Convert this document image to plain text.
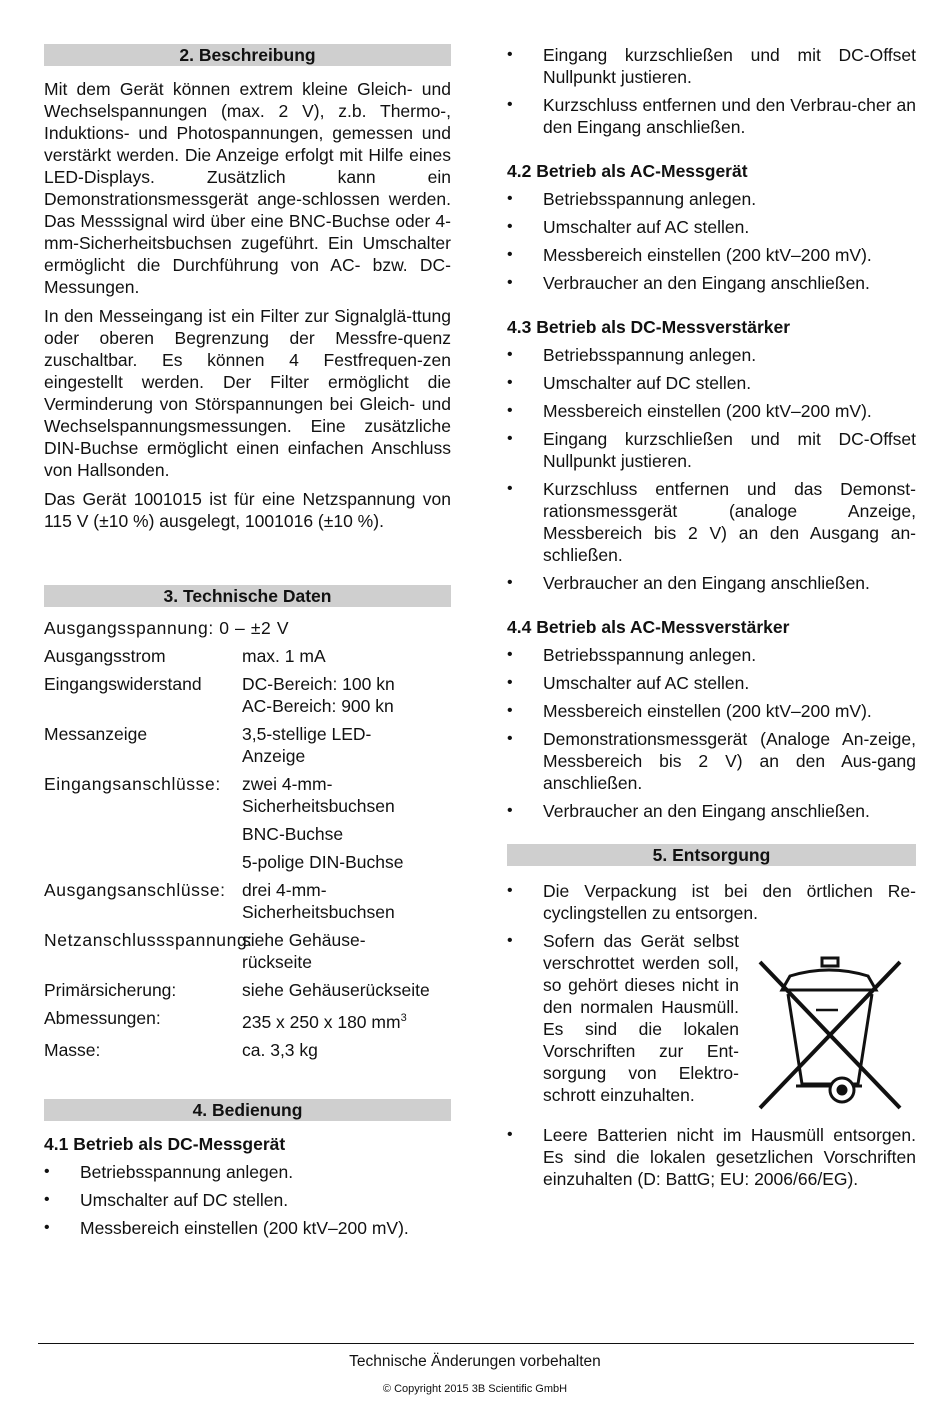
2. Beschreibung

Mit dem Gerät können extrem kleine Gleich- und Wechselspannungen (max. 2 V), z.b. Thermo-, Induktions- und Photospannungen, gemessen und verstärkt werden. Die Anzeige erfolgt mit Hilfe eines LED-Displays. Zusätzlich kann ein Demonstrationsmessgerät ange-schlossen werden. Das Messsignal wird über eine BNC-Buchse oder 4-mm-Sicherheitsbuchsen zugeführt. Ein Umschalter ermöglicht die Durchführung von AC- bzw. DC-Messungen.

In den Messeingang ist ein Filter zur Signalglä-ttung oder oberen Begrenzung der Messfre-quenz zuschaltbar. Es können 4 Festfrequen-zen eingestellt werden. Der Filter ermöglicht die Verminderung von Störspannungen bei Gleich- und Wechselspannungsmessungen. Eine zusätzliche DIN-Buchse ermöglicht einen einfachen Anschluss von Hallsonden.

Das Gerät 1001015 ist für eine Netzspannung von 115 V (±10 %) ausgelegt, 1001016 (±10 %).

3. Technische Daten
Ausgangsspannung: 0 – ±2 V
Ausgangsstrom	max. 1 mA
Eingangswiderstand	DC-Bereich: 100 kn
AC-Bereich: 900 kn
Messanzeige	3,5-stellige LED-Anzeige
Eingangsanschlüsse:	zwei 4-mm-Sicherheitsbuchsen
BNC-Buchse
5-polige DIN-Buchse
Ausgangsanschlüsse: drei 4-mm-Sicherheitsbuchsen
Netzanschlussspannung:
siehe Gehäuse-rückseite
Primärsicherung:	siehe Gehäuserückseite
Abmessungen:	235 x 250 x 180 $mm^3$
Masse:	ca. 3,3 kg
4. Bedienung
4.1 Betrieb als DC-Messgerät
• Betriebsspannung anlegen.
• Umschalter auf DC stellen.
• Messbereich einstellen (200 ktV–200 mV).
• Eingang kurzschließen und mit DC-Offset Nullpunkt justieren.
• Kurzschluss entfernen und den Verbrau-cher an den Eingang anschließen.
4.2 Betrieb als AC-Messgerät
• Betriebsspannung anlegen.
• Umschalter auf AC stellen.
• Messbereich einstellen (200 ktV–200 mV).
• Verbraucher an den Eingang anschließen.
4.3 Betrieb als DC-Messverstärker
• Betriebsspannung anlegen.
• Umschalter auf DC stellen.
• Messbereich einstellen (200 ktV–200 mV).
• Eingang kurzschließen und mit DC-Offset Nullpunkt justieren.
• Kurzschluss entfernen und das Demonst-rationsmessgerät (analoge Anzeige, Messbereich bis 2 V) an den Ausgang an-schließen.
• Verbraucher an den Eingang anschließen.
4.4 Betrieb als AC-Messverstärker
• Betriebsspannung anlegen.
• Umschalter auf AC stellen.
• Messbereich einstellen (200 ktV–200 mV).
• Demonstrationsmessgerät (Analoge An-zeige, Messbereich bis 2 V) an den Aus-gang anschließen.
• Verbraucher an den Eingang anschließen.
5. Entsorgung
• Die Verpackung ist bei den örtlichen Re-cyclingstellen zu entsorgen.
• Sofern das Gerät selbst verschrottet werden soll, so gehört dieses nicht in den normalen Hausmüll. Es sind die lokalen Vorschriften zur Ent-sorgung von Elektro-schrott einzuhalten.
• Leere Batterien nicht im Hausmüll entsorgen. Es sind die lokalen gesetzlichen Vorschriften einzuhalten (D: BattG; EU: 2006/66/EG).
Technische Änderungen vorbehalten
© Copyright 2015 3B Scientific GmbH
